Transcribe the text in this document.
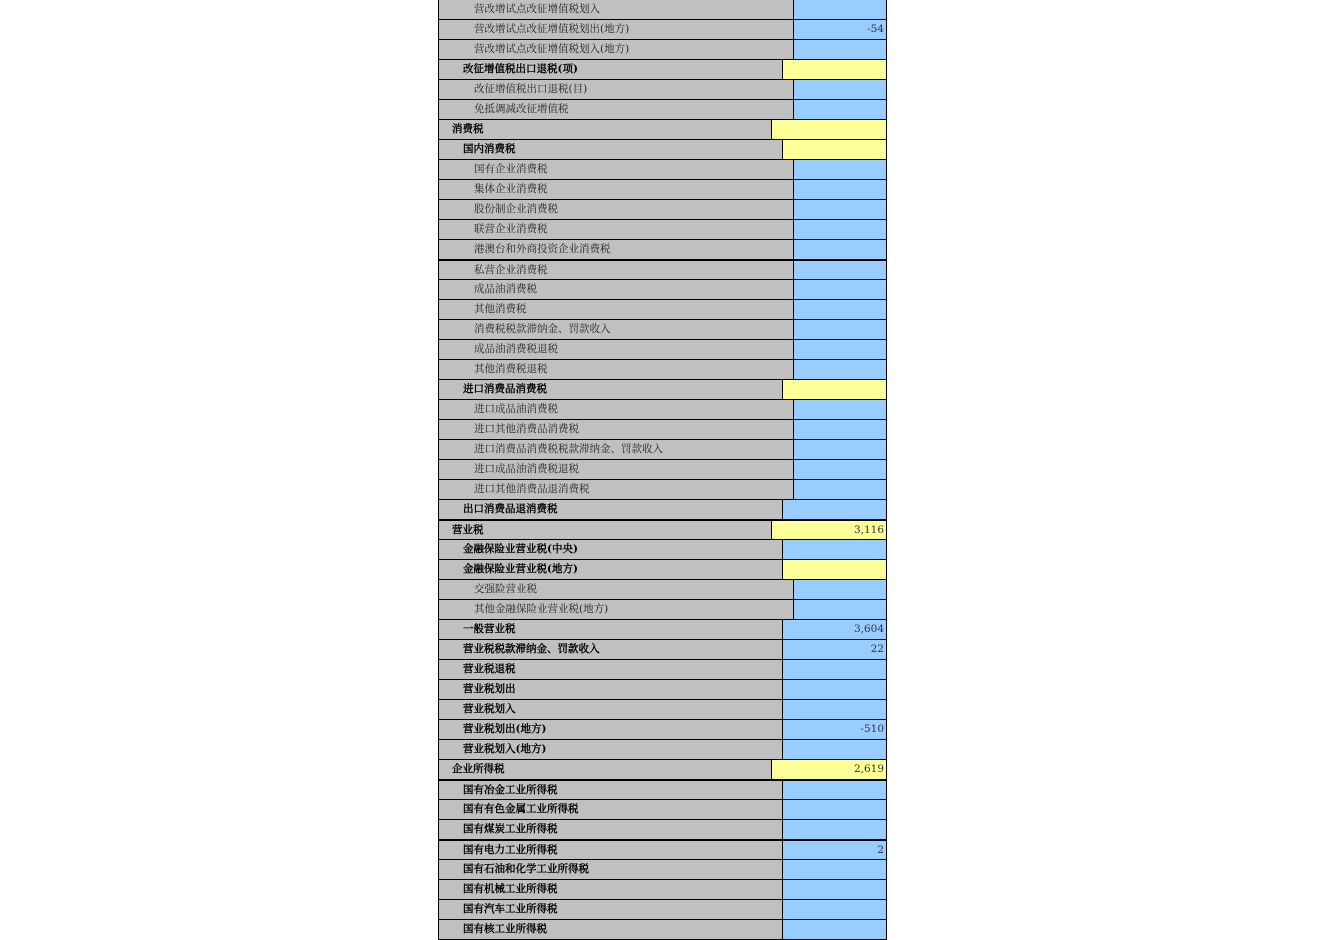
营改增试点改征增值税划入
营改增试点改征增值税划出(地方)	-54
营改增试点改征增值税划入(地方)
改征增值税出口退税(项)
改征增值税出口退税(目)
免抵调减改征增值税
消费税
国内消费税
国有企业消费税
集体企业消费税
股份制企业消费税
联营企业消费税
港澳台和外商投资企业消费税
私营企业消费税
成品油消费税
其他消费税
消费税税款滞纳金、罚款收入
成品油消费税退税
其他消费税退税
进口消费品消费税
进口成品油消费税
进口其他消费品消费税
进口消费品消费税税款滞纳金、罚款收入
进口成品油消费税退税
进口其他消费品退消费税
出口消费品退消费税
营业税	3,116
金融保险业营业税(中央)
金融保险业营业税(地方)
交强险营业税
其他金融保险业营业税(地方)
一般营业税	3,604
营业税税款滞纳金、罚款收入	22
营业税退税
营业税划出
营业税划入
营业税划出(地方)	-510
营业税划入(地方)
企业所得税	2,619
国有冶金工业所得税
国有有色金属工业所得税
国有煤炭工业所得税
国有电力工业所得税	2
国有石油和化学工业所得税
国有机械工业所得税
国有汽车工业所得税
国有核工业所得税
